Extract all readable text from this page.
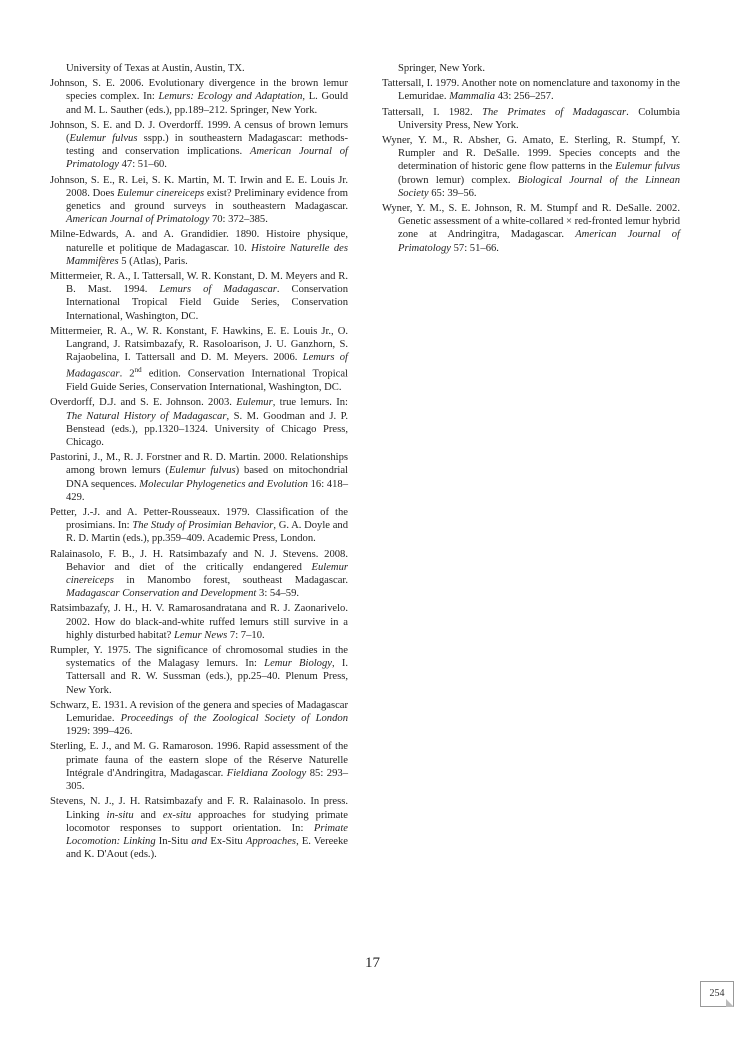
University of Texas at Austin, Austin, TX.

Johnson, S. E. 2006. Evolutionary divergence in the brown lemur species complex. In: Lemurs: Ecology and Adaptation, L. Gould and M. L. Sauther (eds.), pp.189–212. Springer, New York.

Johnson, S. E. and D. J. Overdorff. 1999. A census of brown lemurs (Eulemur fulvus sspp.) in southeastern Madagascar: methods-testing and conservation implications. American Journal of Primatology 47: 51–60.

Johnson, S. E., R. Lei, S. K. Martin, M. T. Irwin and E. E. Louis Jr. 2008. Does Eulemur cinereiceps exist? Preliminary evidence from genetics and ground surveys in southeastern Madagascar. American Journal of Primatology 70: 372–385.

Milne-Edwards, A. and A. Grandidier. 1890. Histoire physique, naturelle et politique de Madagascar. 10. Histoire Naturelle des Mammifères 5 (Atlas), Paris.

Mittermeier, R. A., I. Tattersall, W. R. Konstant, D. M. Meyers and R. B. Mast. 1994. Lemurs of Madagascar. Conservation International Tropical Field Guide Series, Conservation International, Washington, DC.

Mittermeier, R. A., W. R. Konstant, F. Hawkins, E. E. Louis Jr., O. Langrand, J. Ratsimbazafy, R. Rasoloarison, J. U. Ganzhorn, S. Rajaobelina, I. Tattersall and D. M. Meyers. 2006. Lemurs of Madagascar. 2nd edition. Conservation International Tropical Field Guide Series, Conservation International, Washington, DC.

Overdorff, D.J. and S. E. Johnson. 2003. Eulemur, true lemurs. In: The Natural History of Madagascar, S. M. Goodman and J. P. Benstead (eds.), pp.1320–1324. University of Chicago Press, Chicago.

Pastorini, J., M., R. J. Forstner and R. D. Martin. 2000. Relationships among brown lemurs (Eulemur fulvus) based on mitochondrial DNA sequences. Molecular Phylogenetics and Evolution 16: 418–429.

Petter, J.-J. and A. Petter-Rousseaux. 1979. Classification of the prosimians. In: The Study of Prosimian Behavior, G. A. Doyle and R. D. Martin (eds.), pp.359–409. Academic Press, London.

Ralainasolo, F. B., J. H. Ratsimbazafy and N. J. Stevens. 2008. Behavior and diet of the critically endangered Eulemur cinereiceps in Manombo forest, southeast Madagascar. Madagascar Conservation and Development 3: 54–59.

Ratsimbazafy, J. H., H. V. Ramarosandratana and R. J. Zaonarivelo. 2002. How do black-and-white ruffed lemurs still survive in a highly disturbed habitat? Lemur News 7: 7–10.

Rumpler, Y. 1975. The significance of chromosomal studies in the systematics of the Malagasy lemurs. In: Lemur Biology, I. Tattersall and R. W. Sussman (eds.), pp.25–40. Plenum Press, New York.

Schwarz, E. 1931. A revision of the genera and species of Madagascar Lemuridae. Proceedings of the Zoological Society of London 1929: 399–426.

Sterling, E. J., and M. G. Ramaroson. 1996. Rapid assessment of the primate fauna of the eastern slope of the Réserve Naturelle Intégrale d'Andringitra, Madagascar. Fieldiana Zoology 85: 293–305.

Stevens, N. J., J. H. Ratsimbazafy and F. R. Ralainasolo. In press. Linking in-situ and ex-situ approaches for studying primate locomotor responses to support orientation. In: Primate Locomotion: Linking In-Situ and Ex-Situ Approaches, E. Vereeke and K. D'Aout (eds.).

Springer, New York.

Tattersall, I. 1979. Another note on nomenclature and taxonomy in the Lemuridae. Mammalia 43: 256–257.

Tattersall, I. 1982. The Primates of Madagascar. Columbia University Press, New York.

Wyner, Y. M., R. Absher, G. Amato, E. Sterling, R. Stumpf, Y. Rumpler and R. DeSalle. 1999. Species concepts and the determination of historic gene flow patterns in the Eulemur fulvus (brown lemur) complex. Biological Journal of the Linnean Society 65: 39–56.

Wyner, Y. M., S. E. Johnson, R. M. Stumpf and R. DeSalle. 2002. Genetic assessment of a white-collared × red-fronted lemur hybrid zone at Andringitra, Madagascar. American Journal of Primatology 57: 51–66.

17
254
